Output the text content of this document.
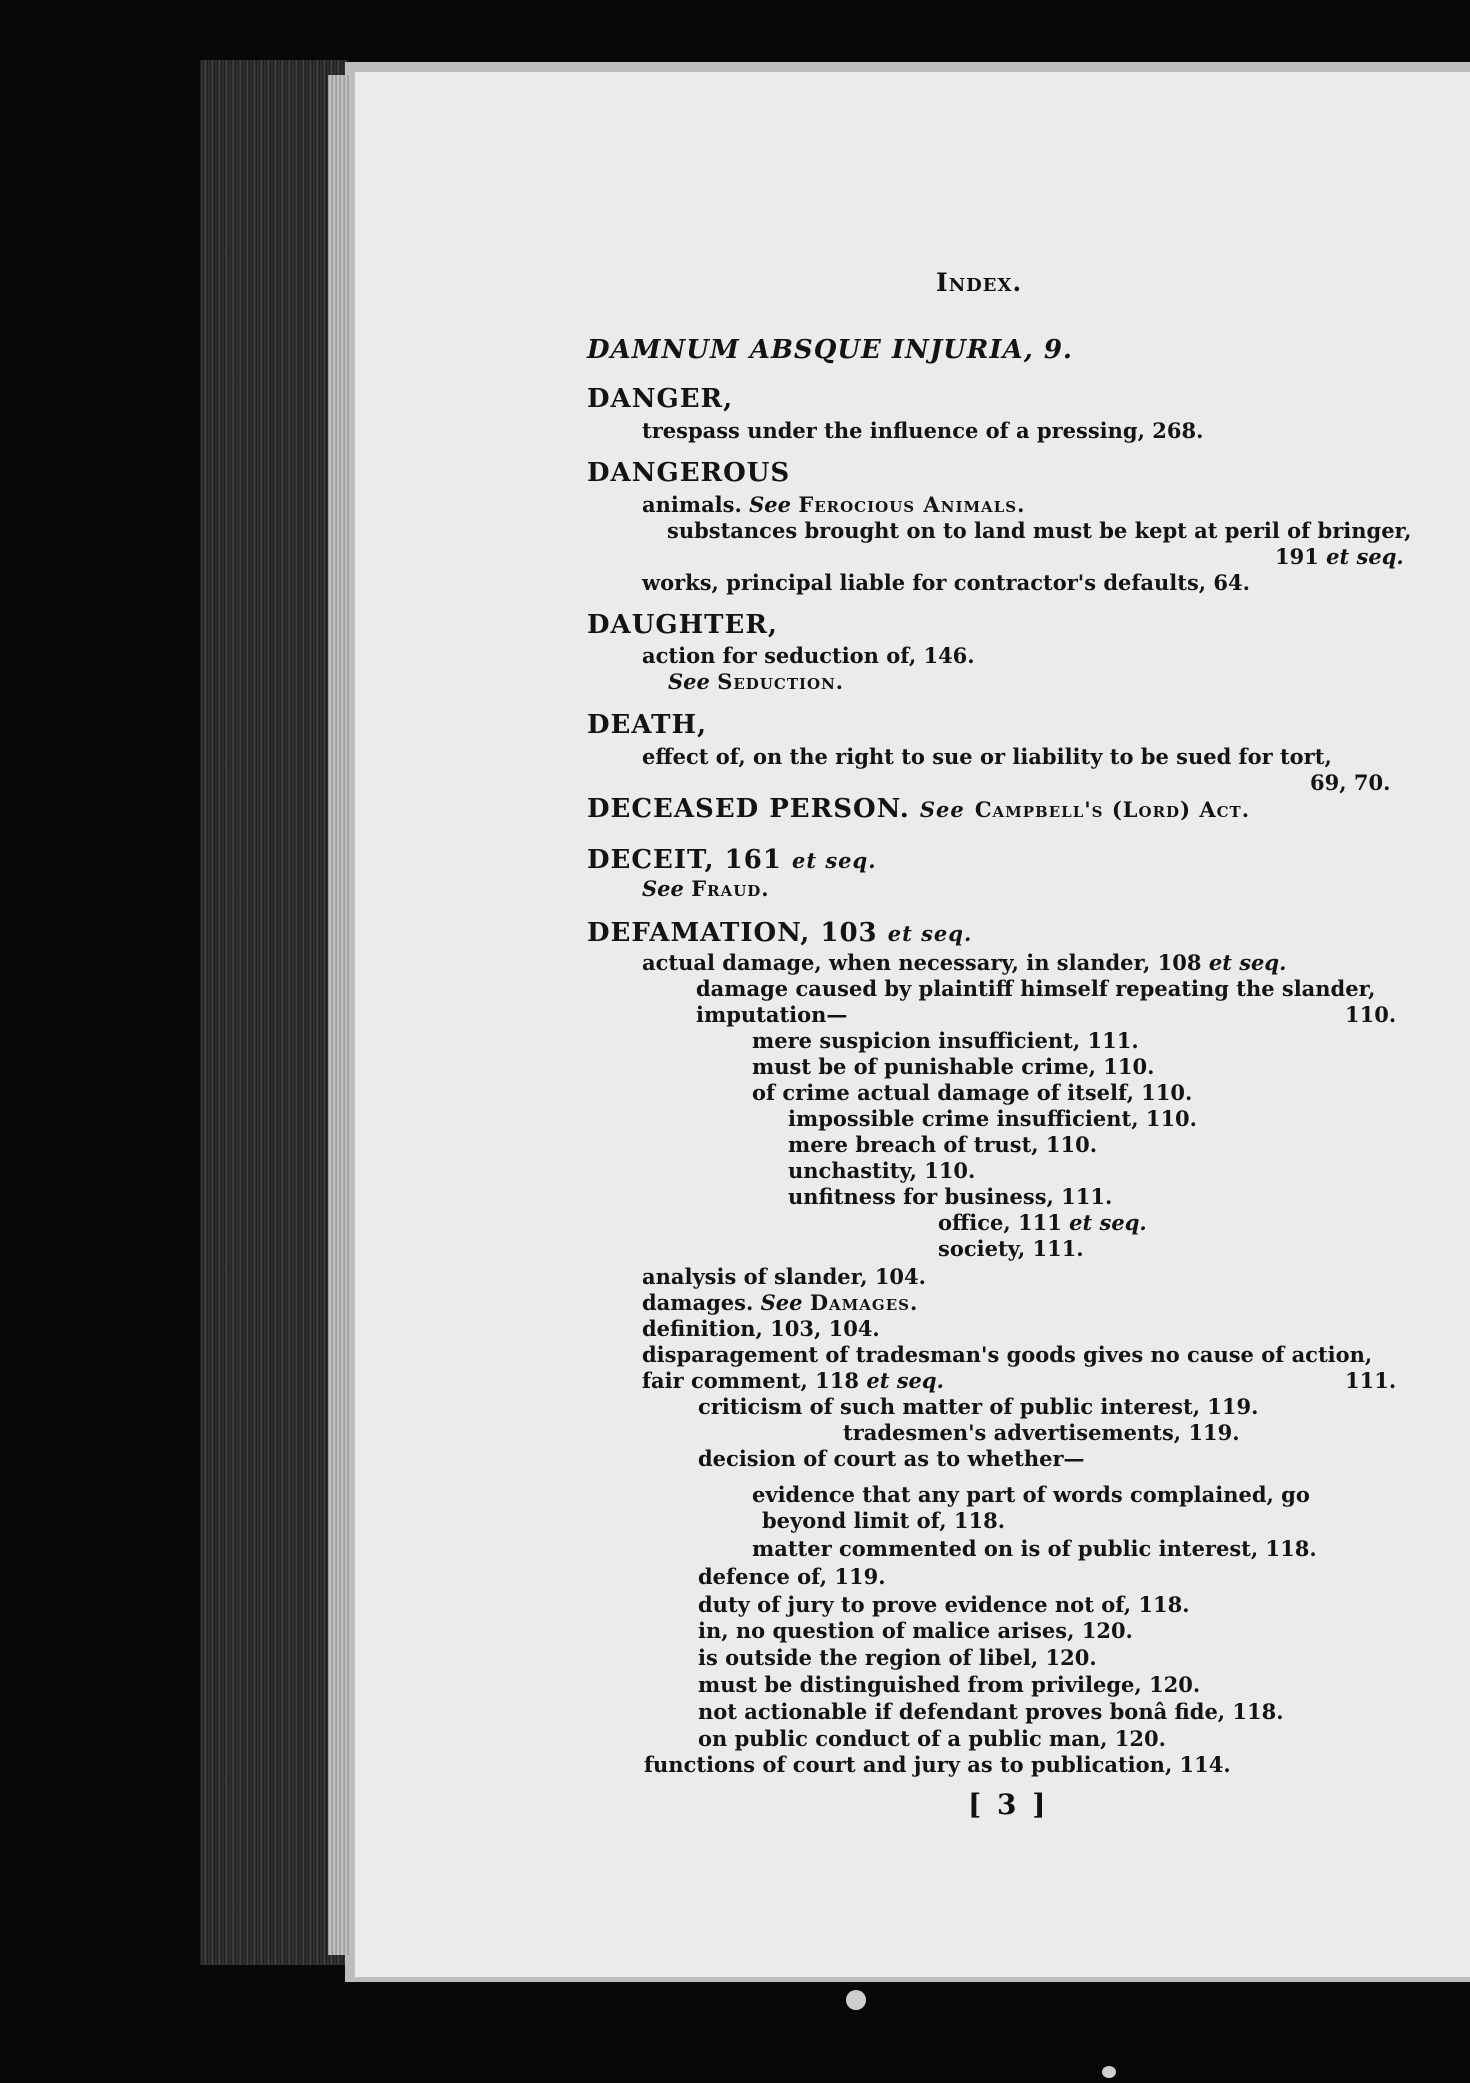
Index.
DAMNUM ABSQUE INJURIA, 9.
DANGER,
trespass under the influence of a pressing, 268.
DANGEROUS
animals. See Ferocious Animals.
substances brought on to land must be kept at peril of bringer,
191 et seq.
works, principal liable for contractor's defaults, 64.
DAUGHTER,
action for seduction of, 146.
See Seduction.
DEATH,
effect of, on the right to sue or liability to be sued for tort,
69, 70.
DECEASED PERSON. See Campbell's (Lord) Act.
DECEIT, 161 et seq.
See Fraud.
DEFAMATION, 103 et seq.
actual damage, when necessary, in slander, 108 et seq.
damage caused by plaintiff himself repeating the slander,
imputation—	110.
mere suspicion insufficient, 111.
must be of punishable crime, 110.
of crime actual damage of itself, 110.
impossible crime insufficient, 110.
mere breach of trust, 110.
unchastity, 110.
unfitness for business, 111.
office, 111 et seq.
society, 111.
analysis of slander, 104.
damages. See Damages.
definition, 103, 104.
disparagement of tradesman's goods gives no cause of action,
fair comment, 118 et seq.	111.
criticism of such matter of public interest, 119.
tradesmen's advertisements, 119.
decision of court as to whether—
evidence that any part of words complained, go
beyond limit of, 118.
matter commented on is of public interest, 118.
defence of, 119.
duty of jury to prove evidence not of, 118.
in, no question of malice arises, 120.
is outside the region of libel, 120.
must be distinguished from privilege, 120.
not actionable if defendant proves bonâ fide, 118.
on public conduct of a public man, 120.
functions of court and jury as to publication, 114.
[ 3 ]
